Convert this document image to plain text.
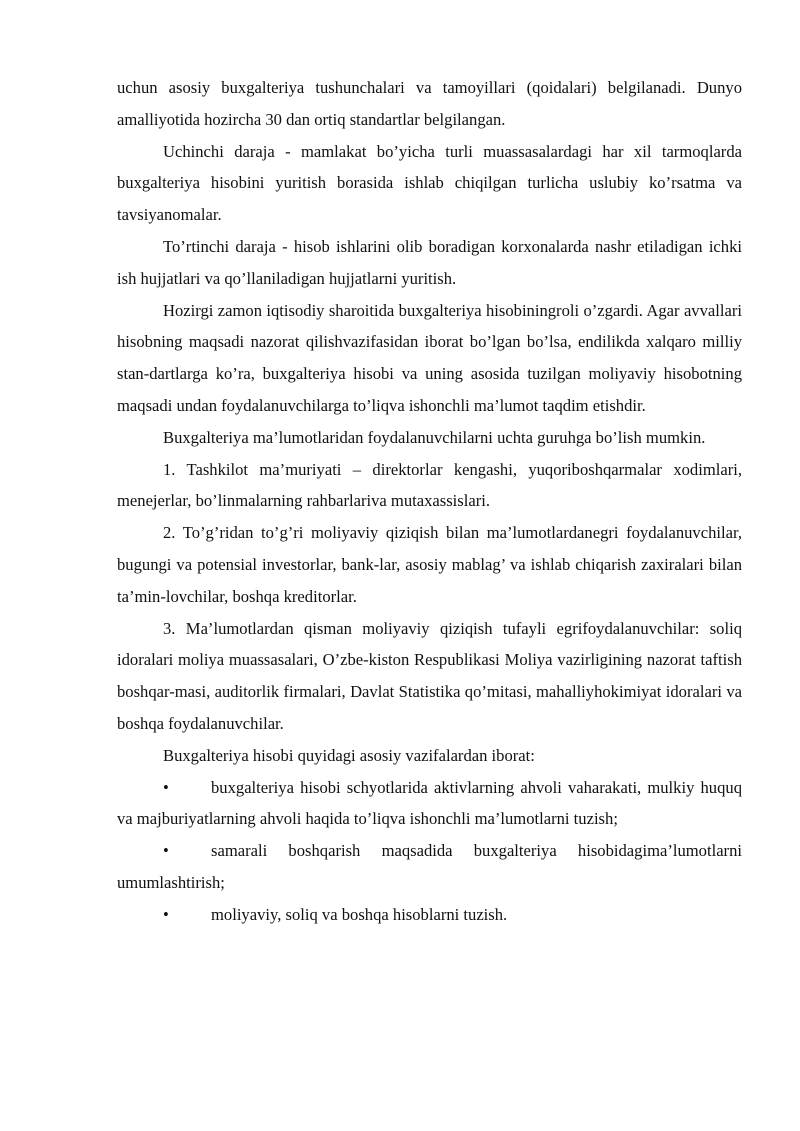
uchun asosiy buxgalteriya tushunchalari va tamoyillari (qoidalari) belgilanadi. Dunyo amalliyotida hozircha 30 dan ortiq standartlar belgilangan.

Uchinchi daraja - mamlakat bo’yicha turli muassasalardagi har xil tarmoqlarda buxgalteriya hisobini yuritish borasida ishlab chiqilgan turlicha uslubiy ko’rsatma va tavsiyanomalar.

To’rtinchi daraja - hisob ishlarini olib boradigan korxonalarda nashr etiladigan ichki ish hujjatlari va qo’llaniladigan hujjatlarni yuritish.

Hozirgi zamon iqtisodiy sharoitida buxgalteriya hisobiningroli o’zgardi. Agar avvallari hisobning maqsadi nazorat qilishvazifasidan iborat bo’lgan bo’lsa, endilikda xalqaro milliy stan-dartlarga ko’ra, buxgalteriya hisobi va uning asosida tuzilgan moliyaviy hisobotning maqsadi undan foydalanuvchilarga to’liqva ishonchli ma’lumot taqdim etishdir.

Buxgalteriya ma’lumotlaridan foydalanuvchilarni uchta guruhga bo’lish mumkin.

1. Tashkilot ma’muriyati – direktorlar kengashi, yuqoriboshqarmalar xodimlari, menejerlar, bo’linmalarning rahbarlariva mutaxassislari.

2. To’g’ridan to’g’ri moliyaviy qiziqish bilan ma’lumotlardanegri foydalanuvchilar, bugungi va potensial investorlar, bank-lar, asosiy mablag’ va ishlab chiqarish zaxiralari bilan ta’min-lovchilar, boshqa kreditorlar.

3. Ma’lumotlardan qisman moliyaviy qiziqish tufayli egrifoydalanuvchilar: soliq idoralari moliya muassasalari, O’zbe-kiston Respublikasi Moliya vazirligining nazorat taftish boshqar-masi, auditorlik firmalari, Davlat Statistika qo’mitasi, mahalliyhokimiyat idoralari va boshqa foydalanuvchilar.

Buxgalteriya hisobi quyidagi asosiy vazifalardan iborat:

•	buxgalteriya hisobi schyotlarida aktivlarning ahvoli vaharakati, mulkiy huquq va majburiyatlarning ahvoli haqida to’liqva ishonchli ma’lumotlarni tuzish;

•	samarali boshqarish maqsadida buxgalteriya hisobidagima’lumotlarni umumlashtirish;

•	moliyaviy, soliq va boshqa hisoblarni tuzish.
